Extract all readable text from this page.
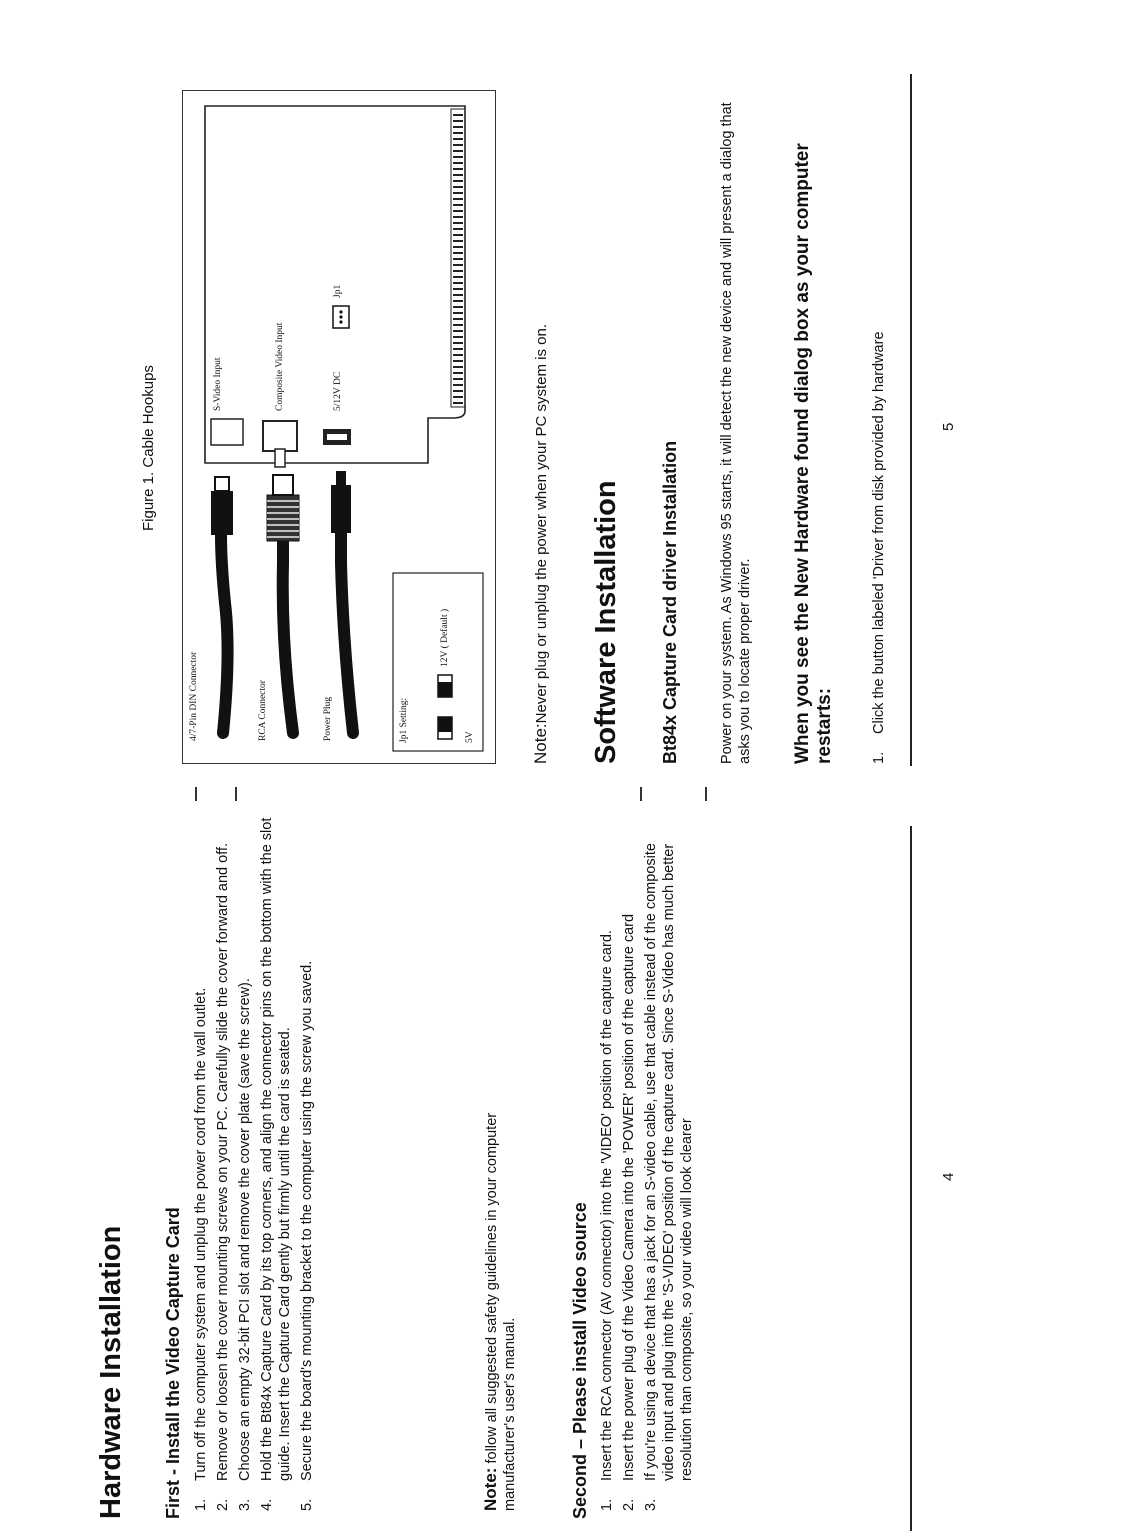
Hardware Installation First - Install the Video Capture Card 1.
Turn off the computer system and unplug the power cord from the wall outlet.
2.
Remove or loosen the cover mounting screws on your PC. Carefully slide the cover forward and off.
3.
Choose an empty 32-bit PCI slot and remove the cover plate (save the screw).
4.
Hold the Bt84x Capture Card by its top corners, and align the connector pins on the bottom with the slot guide. Insert the Capture Card gently but firmly until the card is seated.
5.
Secure the board's mounting bracket to the computer using the screw you saved.
Note: follow all suggested safety guidelines in your computer manufacturer's user's manual.	Second – Please install Video source 1.
Insert the RCA connector (AV connector) into the 'VIDEO' position of the capture card.
2.
Insert the power plug of the Video Camera into the 'POWER' position of the capture card
3.
If you're using a device that has a jack for an S-video cable, use that cable instead of the composite video input and plug into the 'S-VIDEO' position of the capture card. Since S-Video has much better resolution than composite, so your video will look clearer	4
Figure 1. Cable Hookups
4/7-Pin DIN Connector	RCA Connector	Power Plug
S-Video Input	Composite Video Input	5/12V DC
Jp1
Jp1 Setting:
12V ( Default )
5V	Note:Never plug or unplug the power when your PC system is on. Software Installation Bt84x Capture Card driver Installation	Power on your system. As Windows 95 starts, it will detect the new device and will present a dialog that asks you to locate proper driver. When you see the New Hardware found dialog box as your computer restarts: 1.
Click the button labeled 'Driver from disk provided by hardware	5
